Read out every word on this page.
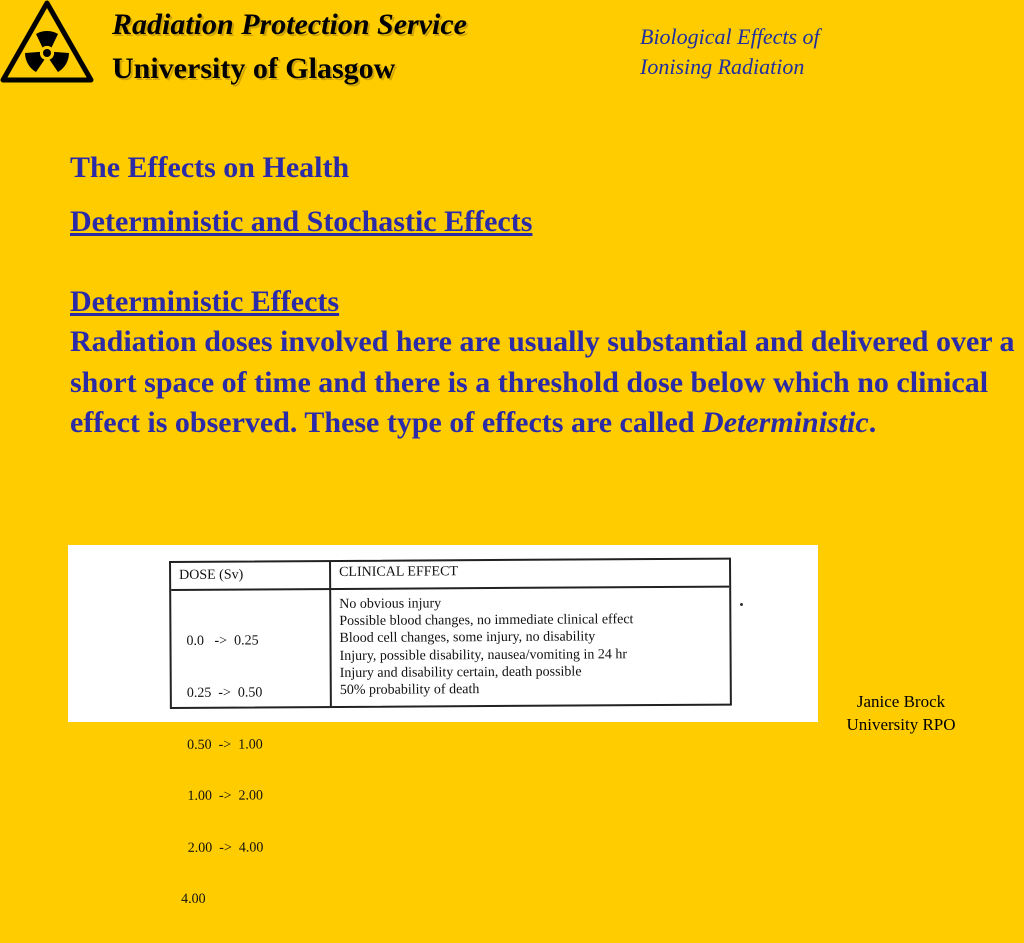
Radiation Protection Service
University of Glasgow
Biological Effects of
Ionising Radiation

The Effects on Health

Deterministic and Stochastic Effects

Deterministic Effects

Radiation doses involved here are usually substantial and delivered over a short space of time and there is a threshold dose below which no clinical effect is observed. These type of effects are called Deterministic.

DOSE (Sv)	CLINICAL EFFECT

0.0   ->  0.25

0.25  ->  0.50

0.50  ->  1.00

1.00  ->  2.00

2.00  ->  4.00

4.00

No obvious injury
Possible blood changes, no immediate clinical effect
Blood cell changes, some injury, no disability
Injury, possible disability, nausea/vomiting in 24 hr
Injury and disability certain, death possible
50% probability of death
Janice Brock
University RPO
